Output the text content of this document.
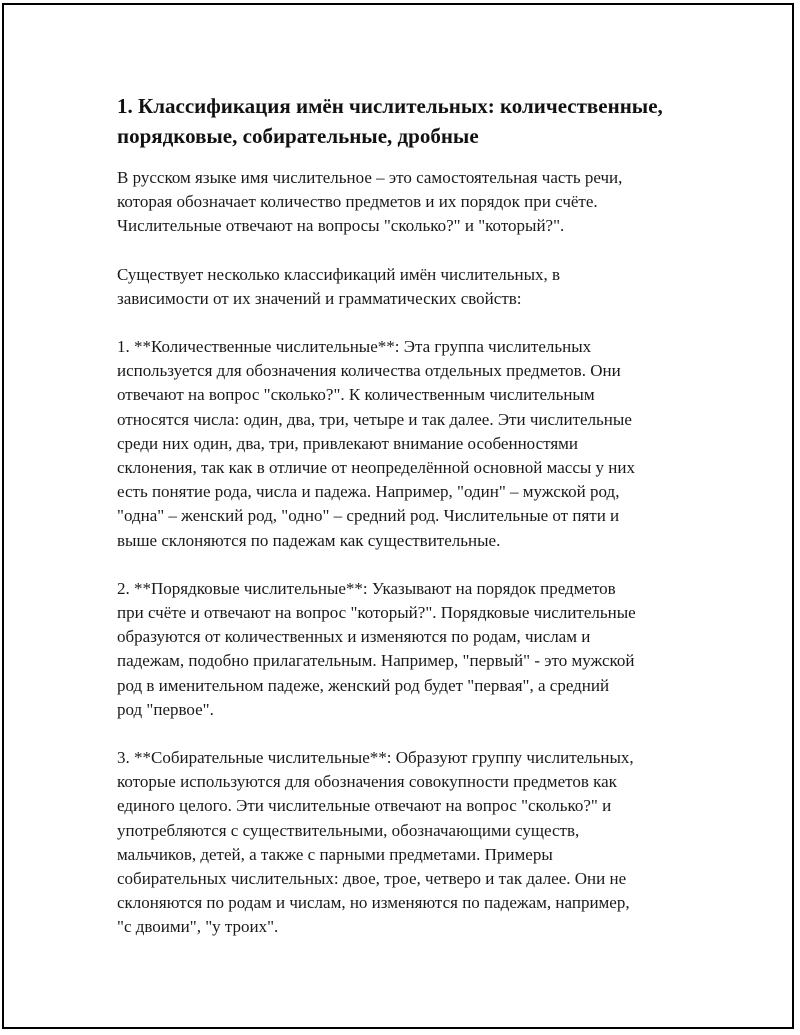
1. Классификация имён числительных: количественные,
порядковые, собирательные, дробные

В русском языке имя числительное – это самостоятельная часть речи,
которая обозначает количество предметов и их порядок при счёте.
Числительные отвечают на вопросы "сколько?" и "который?".

Существует несколько классификаций имён числительных, в
зависимости от их значений и грамматических свойств:

1. **Количественные числительные**: Эта группа числительных
используется для обозначения количества отдельных предметов. Они
отвечают на вопрос "сколько?". К количественным числительным
относятся числа: один, два, три, четыре и так далее. Эти числительные
среди них один, два, три, привлекают внимание особенностями
склонения, так как в отличие от неопределённой основной массы у них
есть понятие рода, числа и падежа. Например, "один" – мужской род,
"одна" – женский род, "одно" – средний род. Числительные от пяти и
выше склоняются по падежам как существительные.

2. **Порядковые числительные**: Указывают на порядок предметов
при счёте и отвечают на вопрос "который?". Порядковые числительные
образуются от количественных и изменяются по родам, числам и
падежам, подобно прилагательным. Например, "первый" - это мужской
род в именительном падеже, женский род будет "первая", а средний
род "первое".

3. **Собирательные числительные**: Образуют группу числительных,
которые используются для обозначения совокупности предметов как
единого целого. Эти числительные отвечают на вопрос "сколько?" и
употребляются с существительными, обозначающими существ,
мальчиков, детей, а также с парными предметами. Примеры
собирательных числительных: двое, трое, четверо и так далее. Они не
склоняются по родам и числам, но изменяются по падежам, например,
"с двоими", "у троих".
